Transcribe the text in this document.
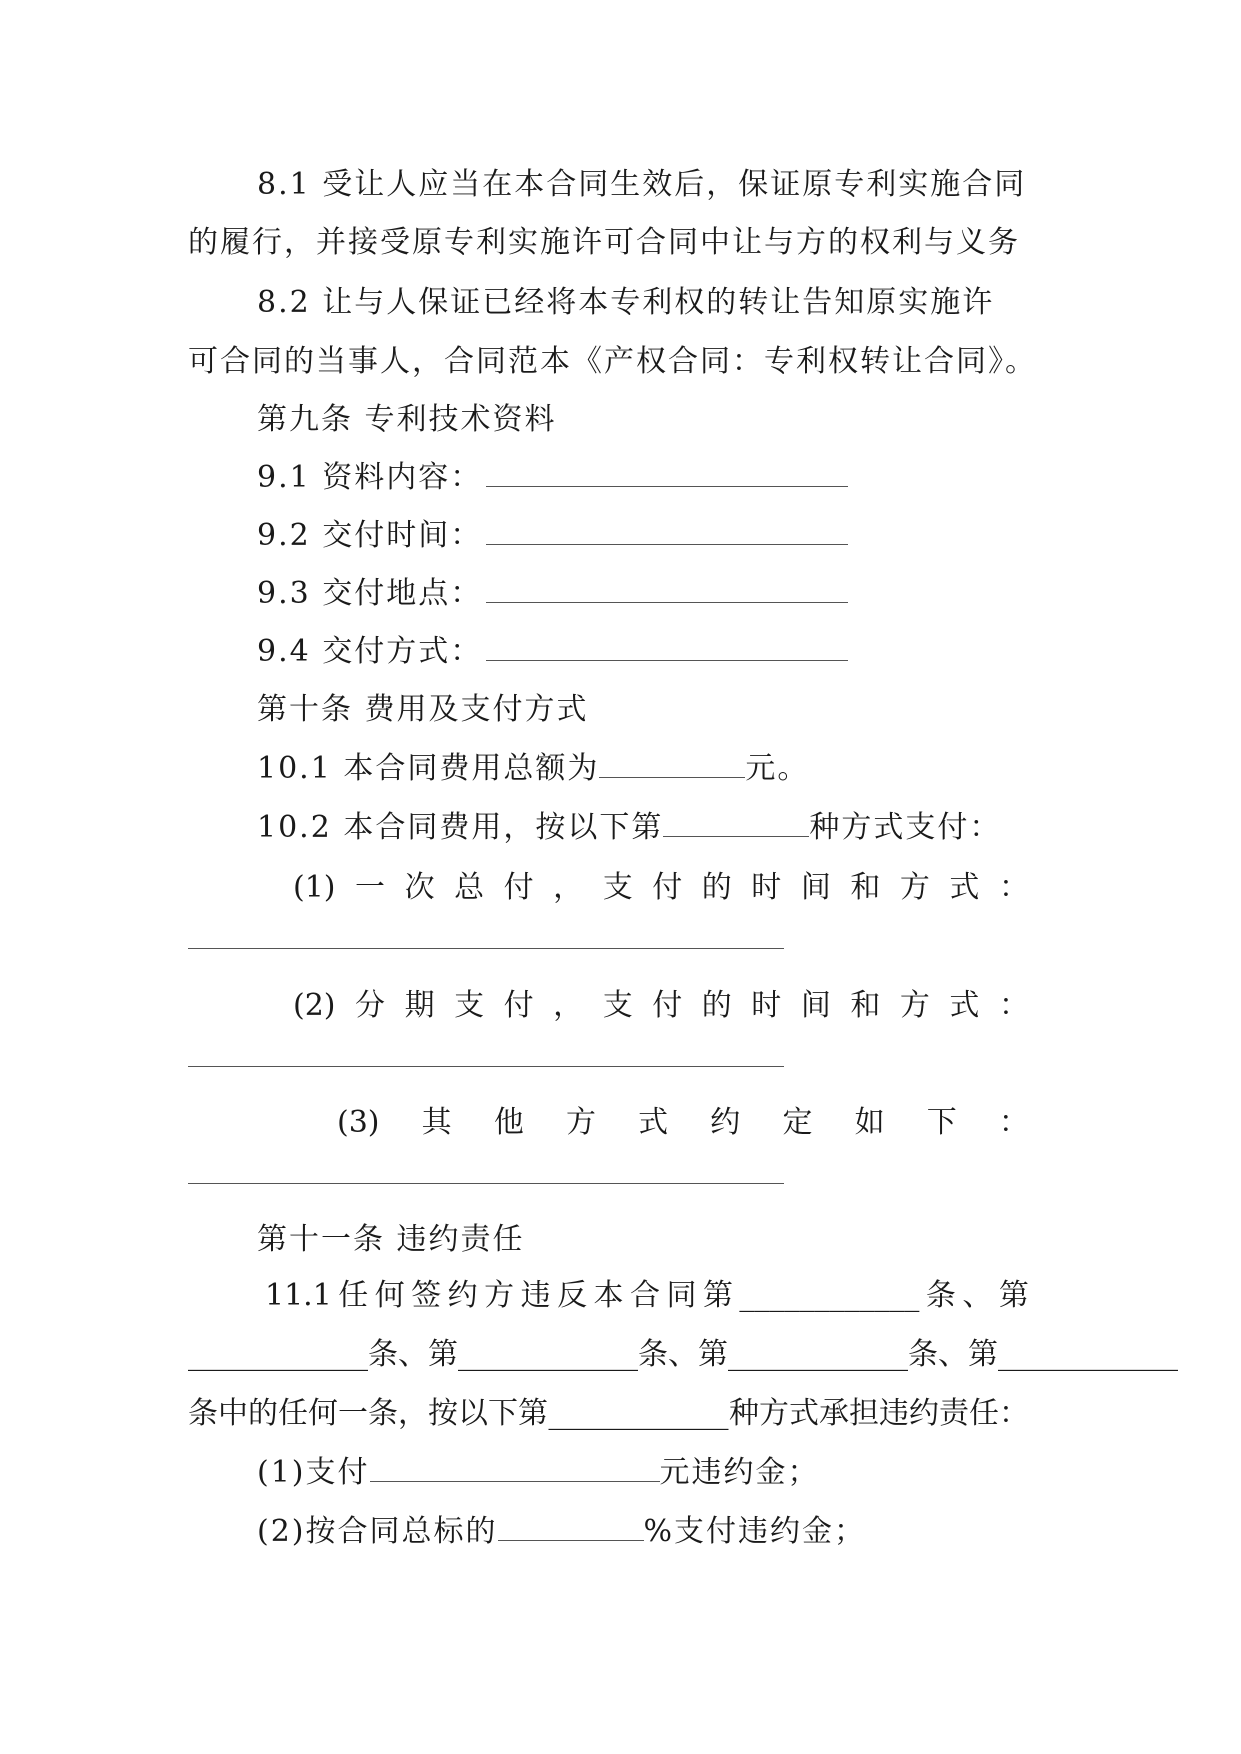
8.1 受让人应当在本合同生效后，保证原专利实施合同

的履行，并接受原专利实施许可合同中让与方的权利与义务

8.2 让与人保证已经将本专利权的转让告知原实施许

可合同的当事人，合同范本《产权合同：专利权转让合同》。

第九条 专利技术资料

9.1 资料内容：

9.2 交付时间：

9.3 交付地点：

9.4 交付方式：

第十条 费用及支付方式

10.1 本合同费用总额为	元。

10.2 本合同费用，按以下第	种方式支付：

(1) 一 次 总 付 ， 支 付 的 时 间 和 方 式 ：

(2) 分 期 支 付 ， 支 付 的 时 间 和 方 式 ：

(3) 其 他 方 式 约 定 如 下 ：

第十一条 违约责任

11.1 任 何 签 约 方 违 反 本 合 同 第 ____________ 条 、 第

____________ 条、第 ____________ 条、第 ____________ 条、第 ____________

条中的任何一条，按以下第 ____________ 种方式承担违约责任：

(1)支付	元违约金；

(2)按合同总标的	%支付违约金；
